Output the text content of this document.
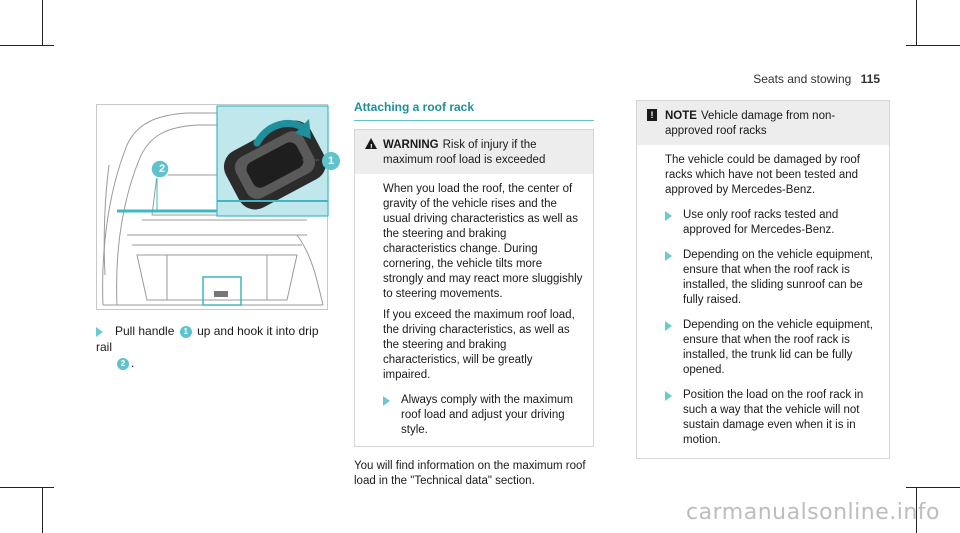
Seats and stowing 115
2
1
Pull handle 1 up and hook it into drip rail
2 .
Attaching a roof rack
! WARNING Risk of injury if the maximum roof load is exceeded

When you load the roof, the center of gravity of the vehicle rises and the usual driving characteristics as well as the steering and braking characteristics change. During cornering, the vehicle tilts more strongly and may react more sluggishly to steering movements.

If you exceed the maximum roof load, the driving characteristics, as well as the steering and braking characteristics, will be greatly impaired.

Always comply with the maximum roof load and adjust your driving style.
You will find information on the maximum roof load in the "Technical data" section.
!	NOTE Vehicle damage from non-approved roof racks

The vehicle could be damaged by roof racks which have not been tested and approved by Mercedes-Benz.

Use only roof racks tested and approved for Mercedes-Benz.
Depending on the vehicle equipment, ensure that when the roof rack is installed, the sliding sunroof can be fully raised.
Depending on the vehicle equipment, ensure that when the roof rack is installed, the trunk lid can be fully opened.
Position the load on the roof rack in such a way that the vehicle will not sustain damage even when it is in motion.
carmanualsonline.info
